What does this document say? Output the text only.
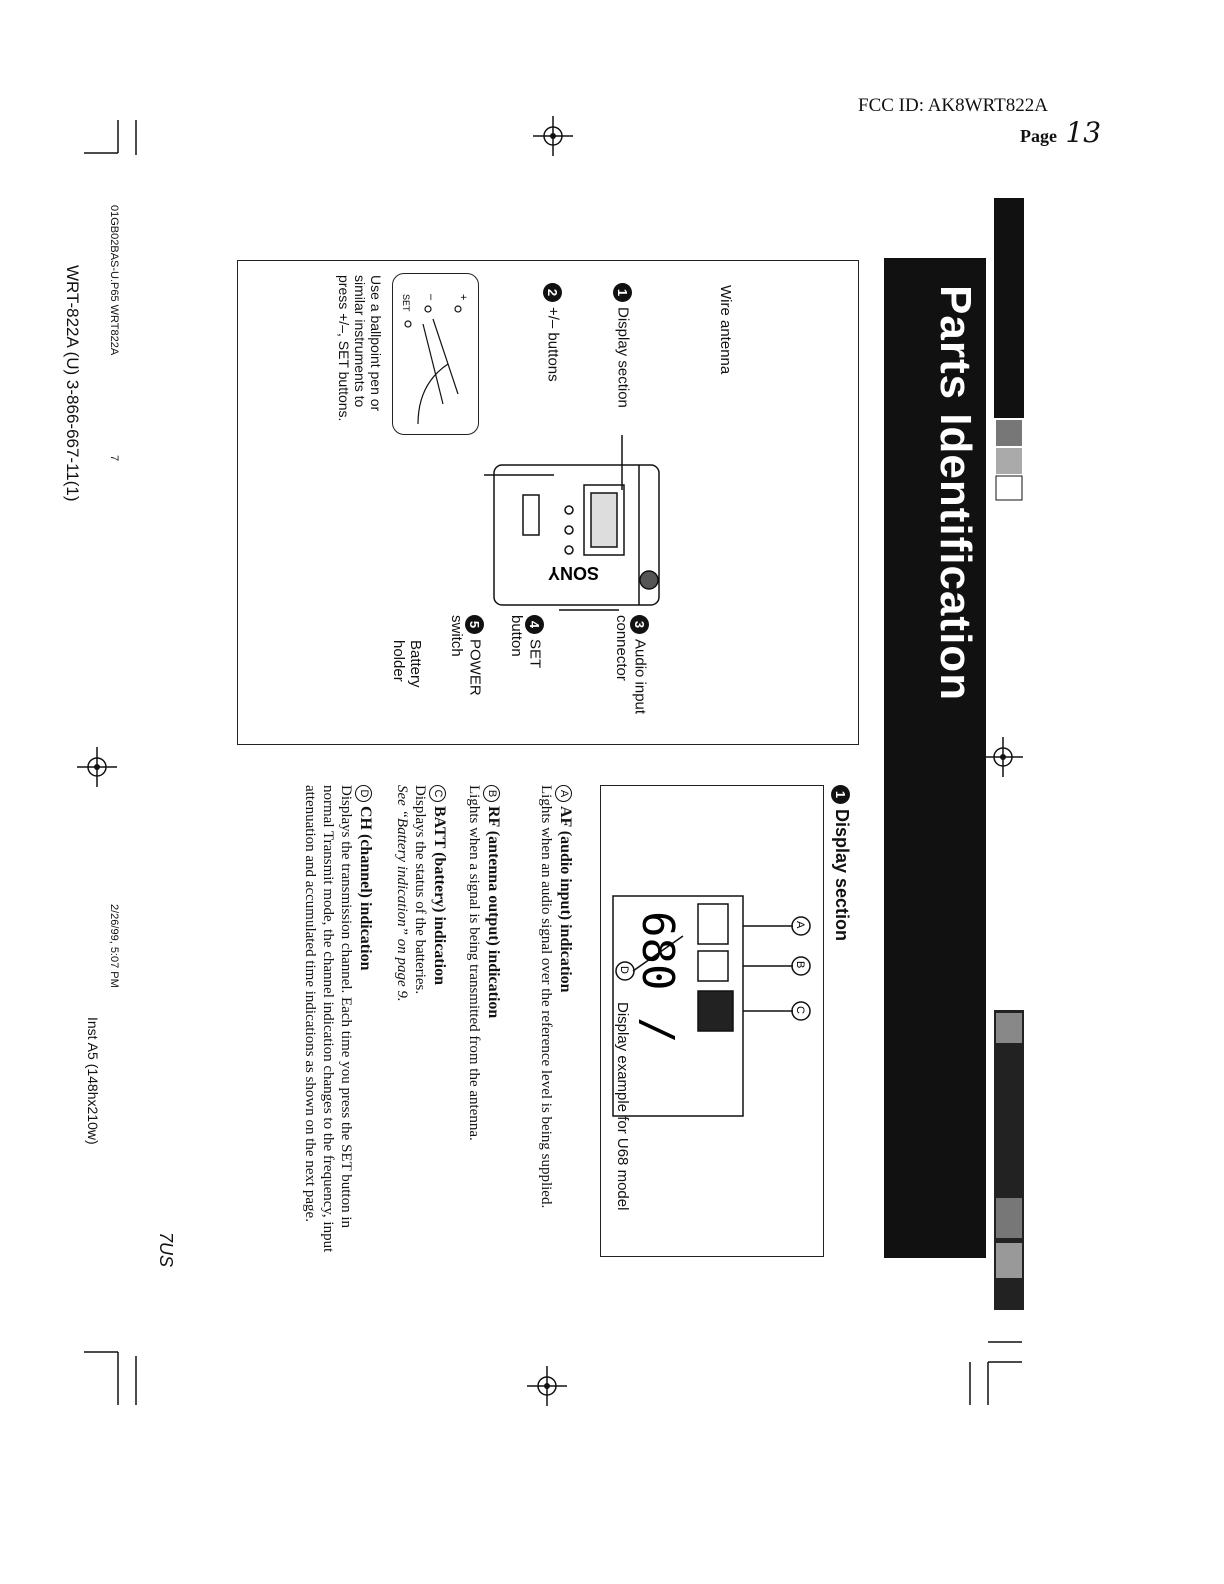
FCC ID: AK8WRT822A
Page 13
01GB02BAS-U.P65 WRT822A
7
WRT-822A (U) 3-866-667-11(1)
2/26/99, 5:07 PM
Inst A5 (148hx210w)
Parts Identification
Wire antenna
1Display section
2+/– buttons
3Audio input connector
4SET button
5POWER switch
Battery holder
SONY
+
–
SET
Use a ballpoint pen or similar instruments to press +/–, SET buttons.
1Display section
A
B
C
D 680 /
Display example for U68 model
AAF (audio input) indication
Lights when an audio signal over the reference level is being supplied.
BRF (antenna output) indication
Lights when a signal is being transmitted from the antenna.
CBATT (battery) indication
Displays the status of the batteries.
See “Battery indication” on page 9.
DCH (channel) indication
Displays the transmission channel. Each time you press the SET button in normal Transmit mode, the channel indication changes to the frequency, input attenuation and accumulated time indications as shown on the next page.
7US
